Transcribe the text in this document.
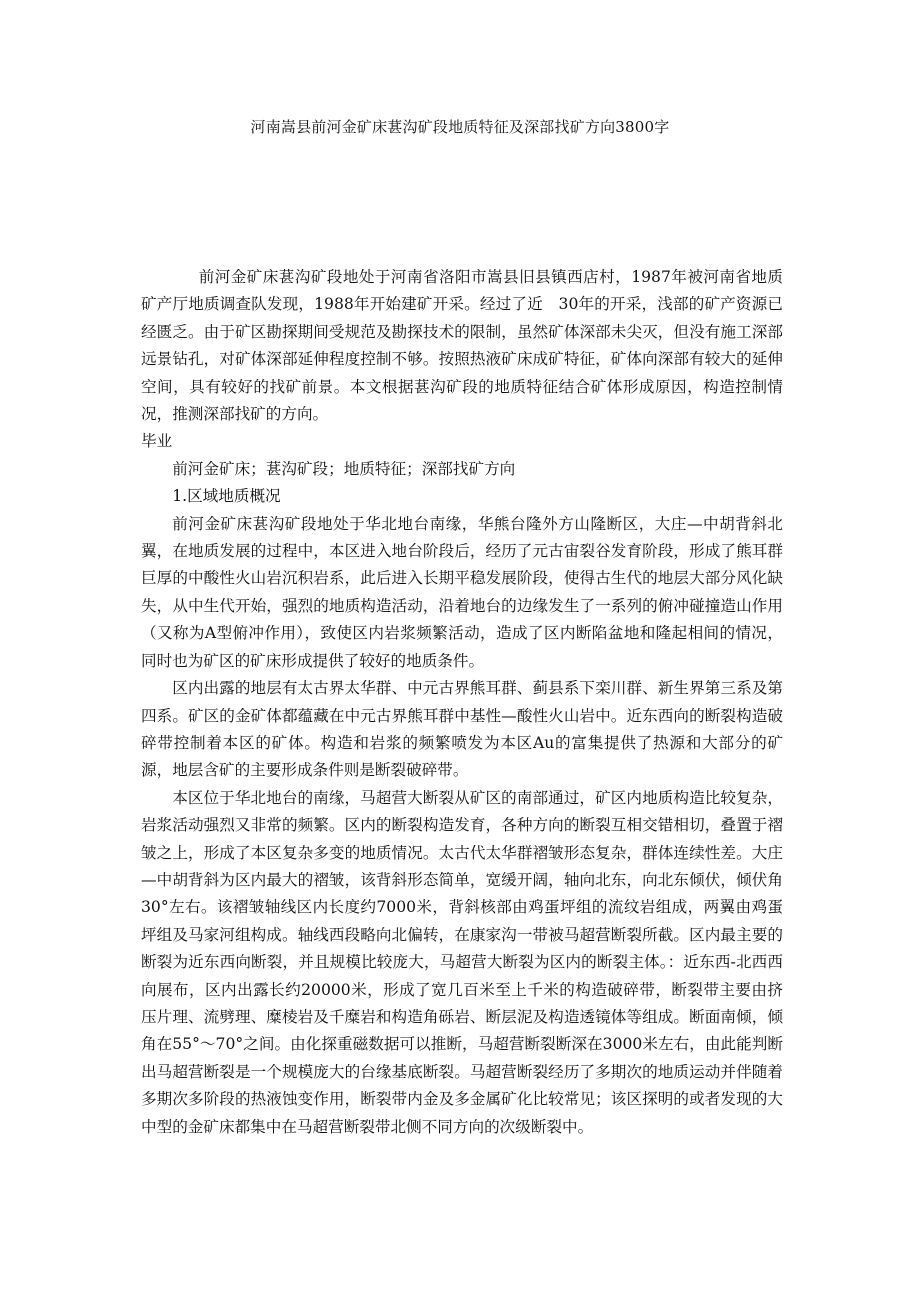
河南嵩县前河金矿床葚沟矿段地质特征及深部找矿方向3800字

前河金矿床葚沟矿段地处于河南省洛阳市嵩县旧县镇西店村，1987年被河南省地质矿产厅地质调查队发现，1988年开始建矿开采。经过了近　30年的开采，浅部的矿产资源已经匮乏。由于矿区勘探期间受规范及勘探技术的限制，虽然矿体深部未尖灭，但没有施工深部远景钻孔，对矿体深部延伸程度控制不够。按照热液矿床成矿特征，矿体向深部有较大的延伸空间，具有较好的找矿前景。本文根据葚沟矿段的地质特征结合矿体形成原因，构造控制情况，推测深部找矿的方向。

毕业

前河金矿床；葚沟矿段；地质特征；深部找矿方向

1.区域地质概况

前河金矿床葚沟矿段地处于华北地台南缘，华熊台隆外方山隆断区，大庄—中胡背斜北翼，在地质发展的过程中，本区进入地台阶段后，经历了元古宙裂谷发育阶段，形成了熊耳群巨厚的中酸性火山岩沉积岩系，此后进入长期平稳发展阶段，使得古生代的地层大部分风化缺失，从中生代开始，强烈的地质构造活动，沿着地台的边缘发生了一系列的俯冲碰撞造山作用（又称为A型俯冲作用），致使区内岩浆频繁活动，造成了区内断陷盆地和隆起相间的情况，同时也为矿区的矿床形成提供了较好的地质条件。

区内出露的地层有太古界太华群、中元古界熊耳群、蓟县系下栾川群、新生界第三系及第四系。矿区的金矿体都蕴藏在中元古界熊耳群中基性—酸性火山岩中。近东西向的断裂构造破碎带控制着本区的矿体。构造和岩浆的频繁喷发为本区Au的富集提供了热源和大部分的矿源，地层含矿的主要形成条件则是断裂破碎带。

本区位于华北地台的南缘，马超营大断裂从矿区的南部通过，矿区内地质构造比较复杂，岩浆活动强烈又非常的频繁。区内的断裂构造发育，各种方向的断裂互相交错相切，叠置于褶皱之上，形成了本区复杂多变的地质情况。太古代太华群褶皱形态复杂，群体连续性差。大庄—中胡背斜为区内最大的褶皱，该背斜形态简单，宽缓开阔，轴向北东，向北东倾伏，倾伏角30°左右。该褶皱轴线区内长度约7000米，背斜核部由鸡蛋坪组的流纹岩组成，两翼由鸡蛋坪组及马家河组构成。轴线西段略向北偏转，在康家沟一带被马超营断裂所截。区内最主要的断裂为近东西向断裂，并且规模比较庞大，马超营大断裂为区内的断裂主体。：近东西-北西西向展布，区内出露长约20000米，形成了宽几百米至上千米的构造破碎带，断裂带主要由挤压片理、流劈理、糜棱岩及千糜岩和构造角砾岩、断层泥及构造透镜体等组成。断面南倾，倾角在55°～70°之间。由化探重磁数据可以推断，马超营断裂断深在3000米左右，由此能判断出马超营断裂是一个规模庞大的台缘基底断裂。马超营断裂经历了多期次的地质运动并伴随着多期次多阶段的热液蚀变作用，断裂带内金及多金属矿化比较常见；该区探明的或者发现的大中型的金矿床都集中在马超营断裂带北侧不同方向的次级断裂中。
